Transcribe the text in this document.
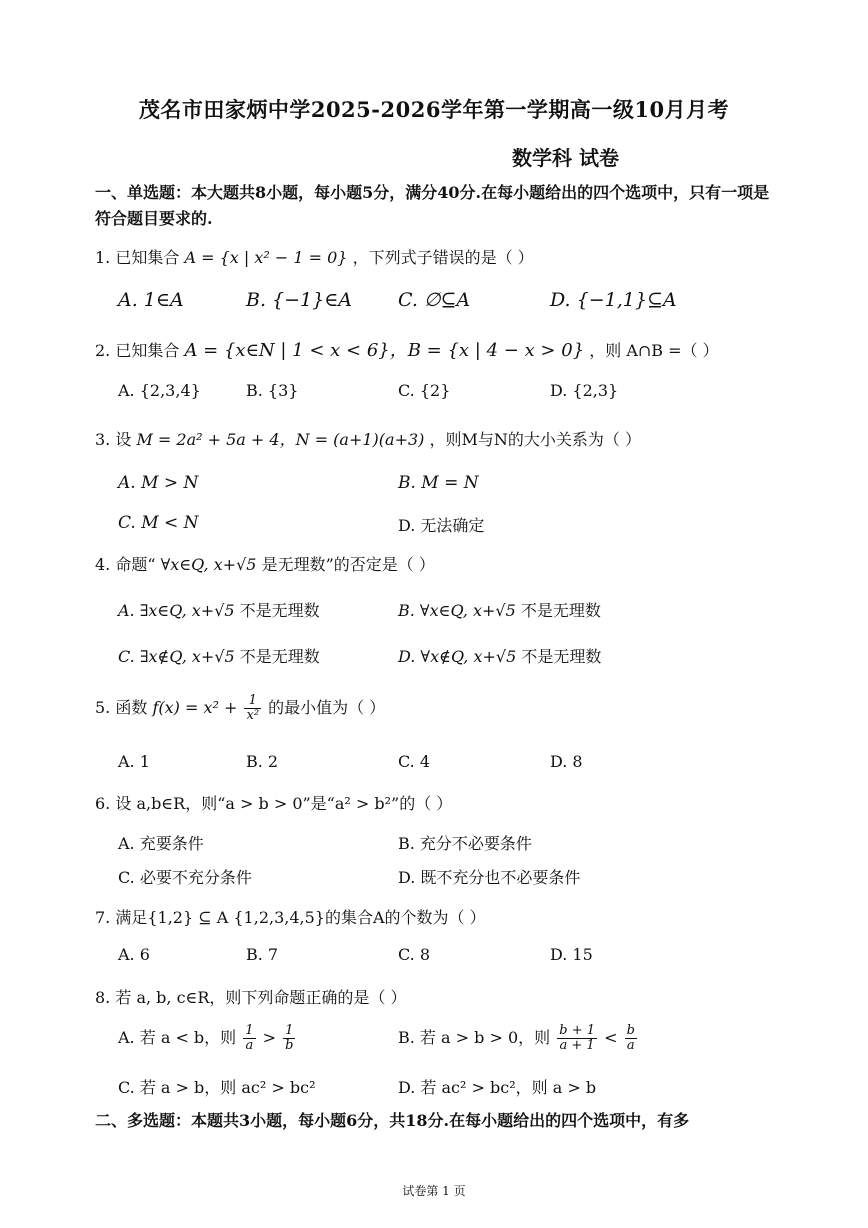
茂名市田家炳中学2025-2026学年第一学期高一级10月月考
数学科 试卷
一、单选题：本大题共8小题，每小题5分，满分40分.在每小题给出的四个选项中，只有一项是符合题目要求的.
1. 已知集合 A = {x | x² − 1 = 0} ，下列式子错误的是（ ）
A. 1∈A	B. {−1}∈A C. ∅⊆A	D. {−1,1}⊆A
2. 已知集合 A = {x∈N | 1 < x < 6}，B = {x | 4 − x > 0} ，则 A∩B =（ ）
A. {2,3,4}	B. {3}	C. {2}	D. {2,3}
3. 设 M = 2a² + 5a + 4，N = (a+1)(a+3) ，则M与N的大小关系为（ ）
A. M > N	B. M = N
C. M < N	D. 无法确定
4. 命题“ ∀x∈Q, x+√5 是无理数”的否定是（ ）
A. ∃x∈Q, x+√5 不是无理数	B. ∀x∈Q, x+√5 不是无理数
C. ∃x∉Q, x+√5 不是无理数	D. ∀x∉Q, x+√5 不是无理数
5. 函数 $f(x) = x^2 + \frac{1}{\text{x²}}$ 的最小值为（ ）
A. 1	B. 2	C. 4	D. 8
6. 设 a,b∈R，则“a > b > 0”是“a² > b²”的（ ）
A. 充要条件	B. 充分不必要条件
C. 必要不充分条件	D. 既不充分也不必要条件
7. 满足{1,2} ⊆ A {1,2,3,4,5}的集合A的个数为（ ）
A. 6	B. 7	C. 8	D. 15
8. 若 a, b, c∈R，则下列命题正确的是（ ）
A. 若 a < b，则 $\frac{1}{a} > \frac{1}{b}$	B. 若 a > b > 0，则 $\frac{b + 1}{a + 1} < \frac{b}{a}$
C. 若 a > b，则 ac² > bc²	D. 若 ac² > bc²，则 a > b
二、多选题：本题共3小题，每小题6分，共18分.在每小题给出的四个选项中，有多
试卷第 1 页
